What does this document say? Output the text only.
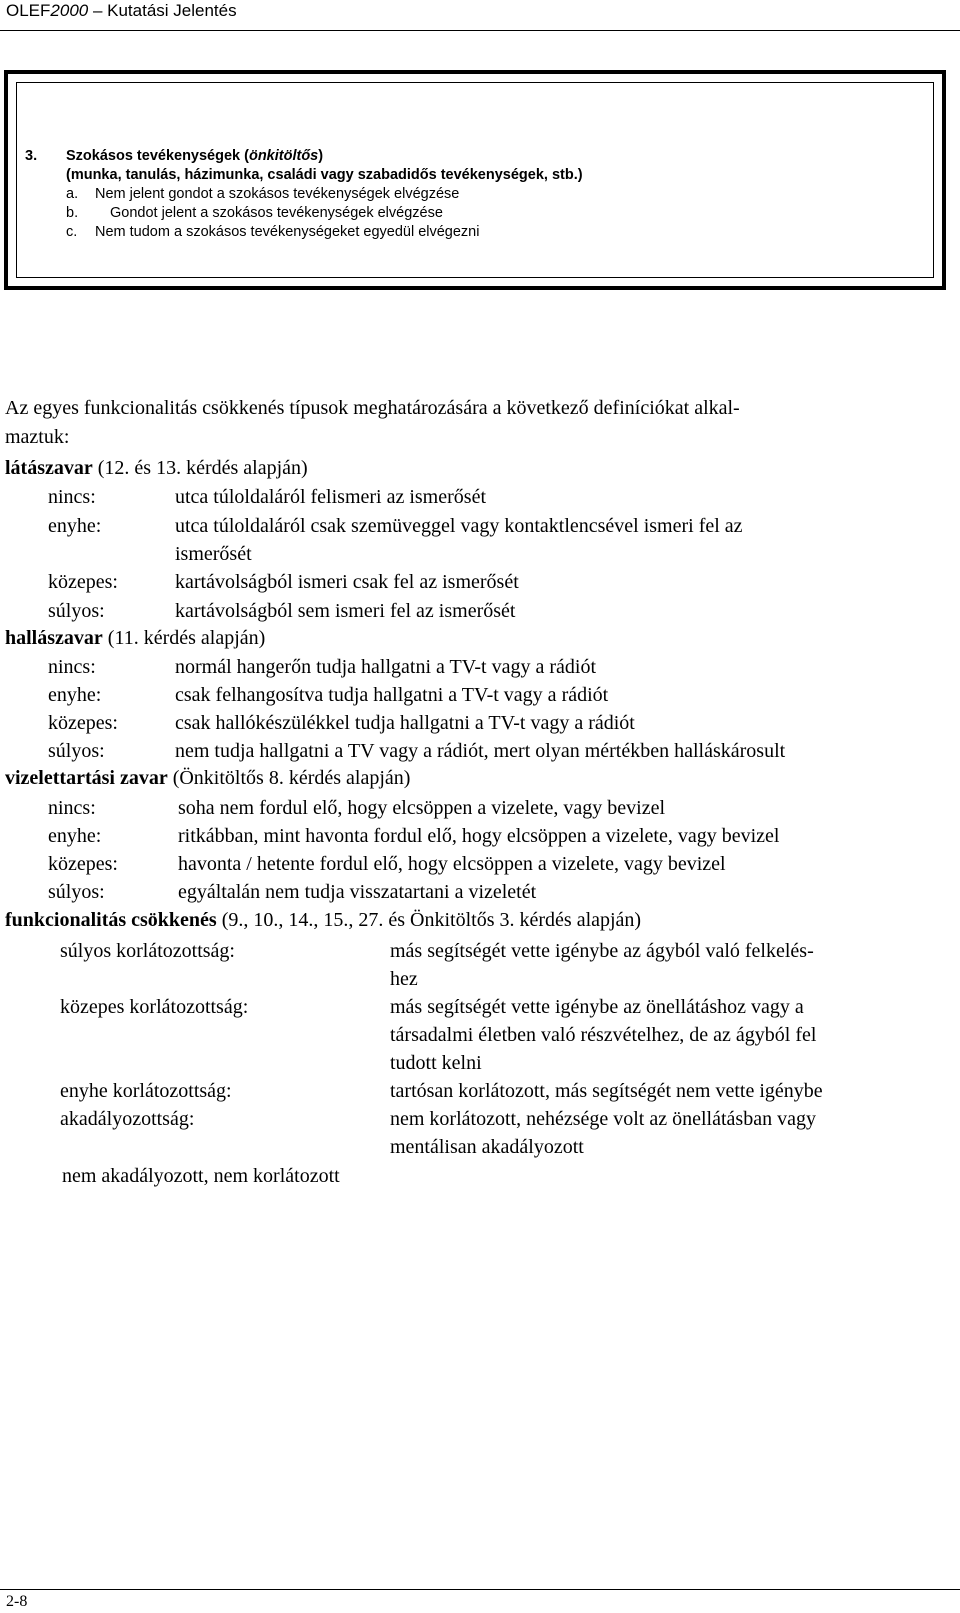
OLEF2000 – Kutatási Jelentés
3. Szokásos tevékenységek (önkitöltős)
(munka, tanulás, házimunka, családi vagy szabadidős tevékenységek, stb.)
a. Nem jelent gondot a szokásos tevékenységek elvégzése
b. Gondot jelent a szokásos tevékenységek elvégzése
c. Nem tudom a szokásos tevékenységeket egyedül elvégezni
Az egyes funkcionalitás csökkenés típusok meghatározására a következő definíciókat alkal-
maztuk:
látászavar (12. és 13. kérdés alapján)
nincs:	utca túloldaláról felismeri az ismerősét
enyhe:	utca túloldaláról csak szemüveggel vagy kontaktlencsével ismeri fel az
ismerősét
közepes:	kartávolságból ismeri csak fel az ismerősét
súlyos:	kartávolságból sem ismeri fel az ismerősét
hallászavar (11. kérdés alapján)
nincs:	normál hangerőn tudja hallgatni a TV-t vagy a rádiót
enyhe:	csak felhangosítva tudja hallgatni a TV-t vagy a rádiót
közepes:	csak hallókészülékkel tudja hallgatni a TV-t vagy a rádiót
súlyos:	nem tudja hallgatni a TV vagy a rádiót, mert olyan mértékben halláskárosult
vizelettartási zavar (Önkitöltős 8. kérdés alapján)
nincs:	soha nem fordul elő, hogy elcsöppen a vizelete, vagy bevizel
enyhe:	ritkábban, mint havonta fordul elő, hogy elcsöppen a vizelete, vagy bevizel
közepes:	havonta / hetente fordul elő, hogy elcsöppen a vizelete, vagy bevizel
súlyos:	egyáltalán nem tudja visszatartani a vizeletét
funkcionalitás csökkenés (9., 10., 14., 15., 27. és Önkitöltős 3. kérdés alapján)
súlyos korlátozottság:	más segítségét vette igénybe az ágyból való felkelés-
hez
közepes korlátozottság:	más segítségét vette igénybe az önellátáshoz vagy a
társadalmi életben való részvételhez, de az ágyból fel
tudott kelni
enyhe korlátozottság:	tartósan korlátozott, más segítségét nem vette igénybe
akadályozottság:	nem korlátozott, nehézsége volt az önellátásban vagy
mentálisan akadályozott
nem akadályozott, nem korlátozott
2-8
